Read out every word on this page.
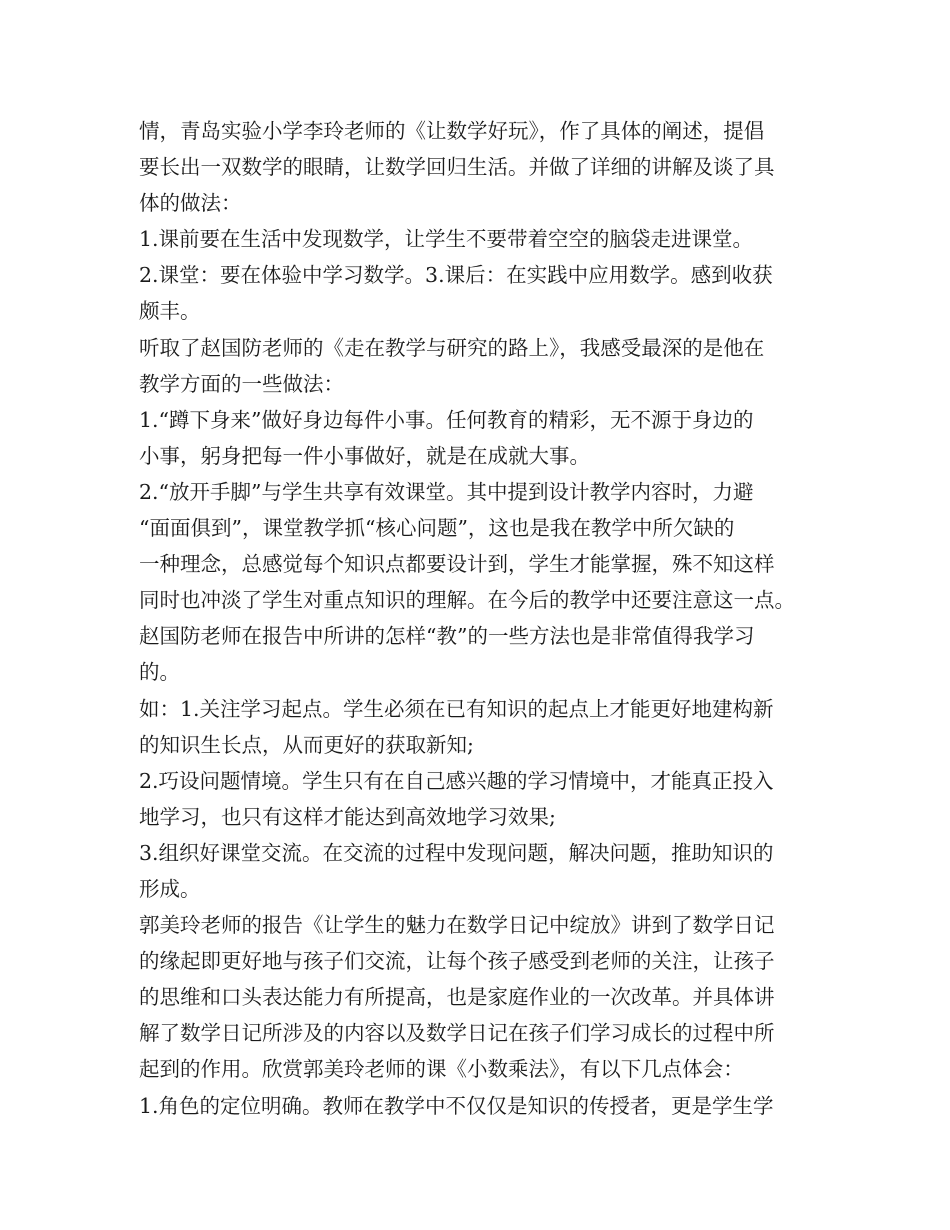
情，青岛实验小学李玲老师的《让数学好玩》，作了具体的阐述，提倡
要长出一双数学的眼睛，让数学回归生活。并做了详细的讲解及谈了具
体的做法：
1.课前要在生活中发现数学，让学生不要带着空空的脑袋走进课堂。
2.课堂：要在体验中学习数学。3.课后：在实践中应用数学。感到收获
颇丰。
听取了赵国防老师的《走在教学与研究的路上》，我感受最深的是他在
教学方面的一些做法：
1.“蹲下身来”做好身边每件小事。任何教育的精彩，无不源于身边的
小事，躬身把每一件小事做好，就是在成就大事。
2.“放开手脚”与学生共享有效课堂。其中提到设计教学内容时，力避
“面面俱到”，课堂教学抓“核心问题”，这也是我在教学中所欠缺的
一种理念，总感觉每个知识点都要设计到，学生才能掌握，殊不知这样
同时也冲淡了学生对重点知识的理解。在今后的教学中还要注意这一点。
赵国防老师在报告中所讲的怎样“教”的一些方法也是非常值得我学习
的。
如：1.关注学习起点。学生必须在已有知识的起点上才能更好地建构新
的知识生长点，从而更好的获取新知;
2.巧设问题情境。学生只有在自己感兴趣的学习情境中，才能真正投入
地学习，也只有这样才能达到高效地学习效果;
3.组织好课堂交流。在交流的过程中发现问题，解决问题，推助知识的
形成。
郭美玲老师的报告《让学生的魅力在数学日记中绽放》讲到了数学日记
的缘起即更好地与孩子们交流，让每个孩子感受到老师的关注，让孩子
的思维和口头表达能力有所提高，也是家庭作业的一次改革。并具体讲
解了数学日记所涉及的内容以及数学日记在孩子们学习成长的过程中所
起到的作用。欣赏郭美玲老师的课《小数乘法》，有以下几点体会：
1.角色的定位明确。教师在教学中不仅仅是知识的传授者，更是学生学
